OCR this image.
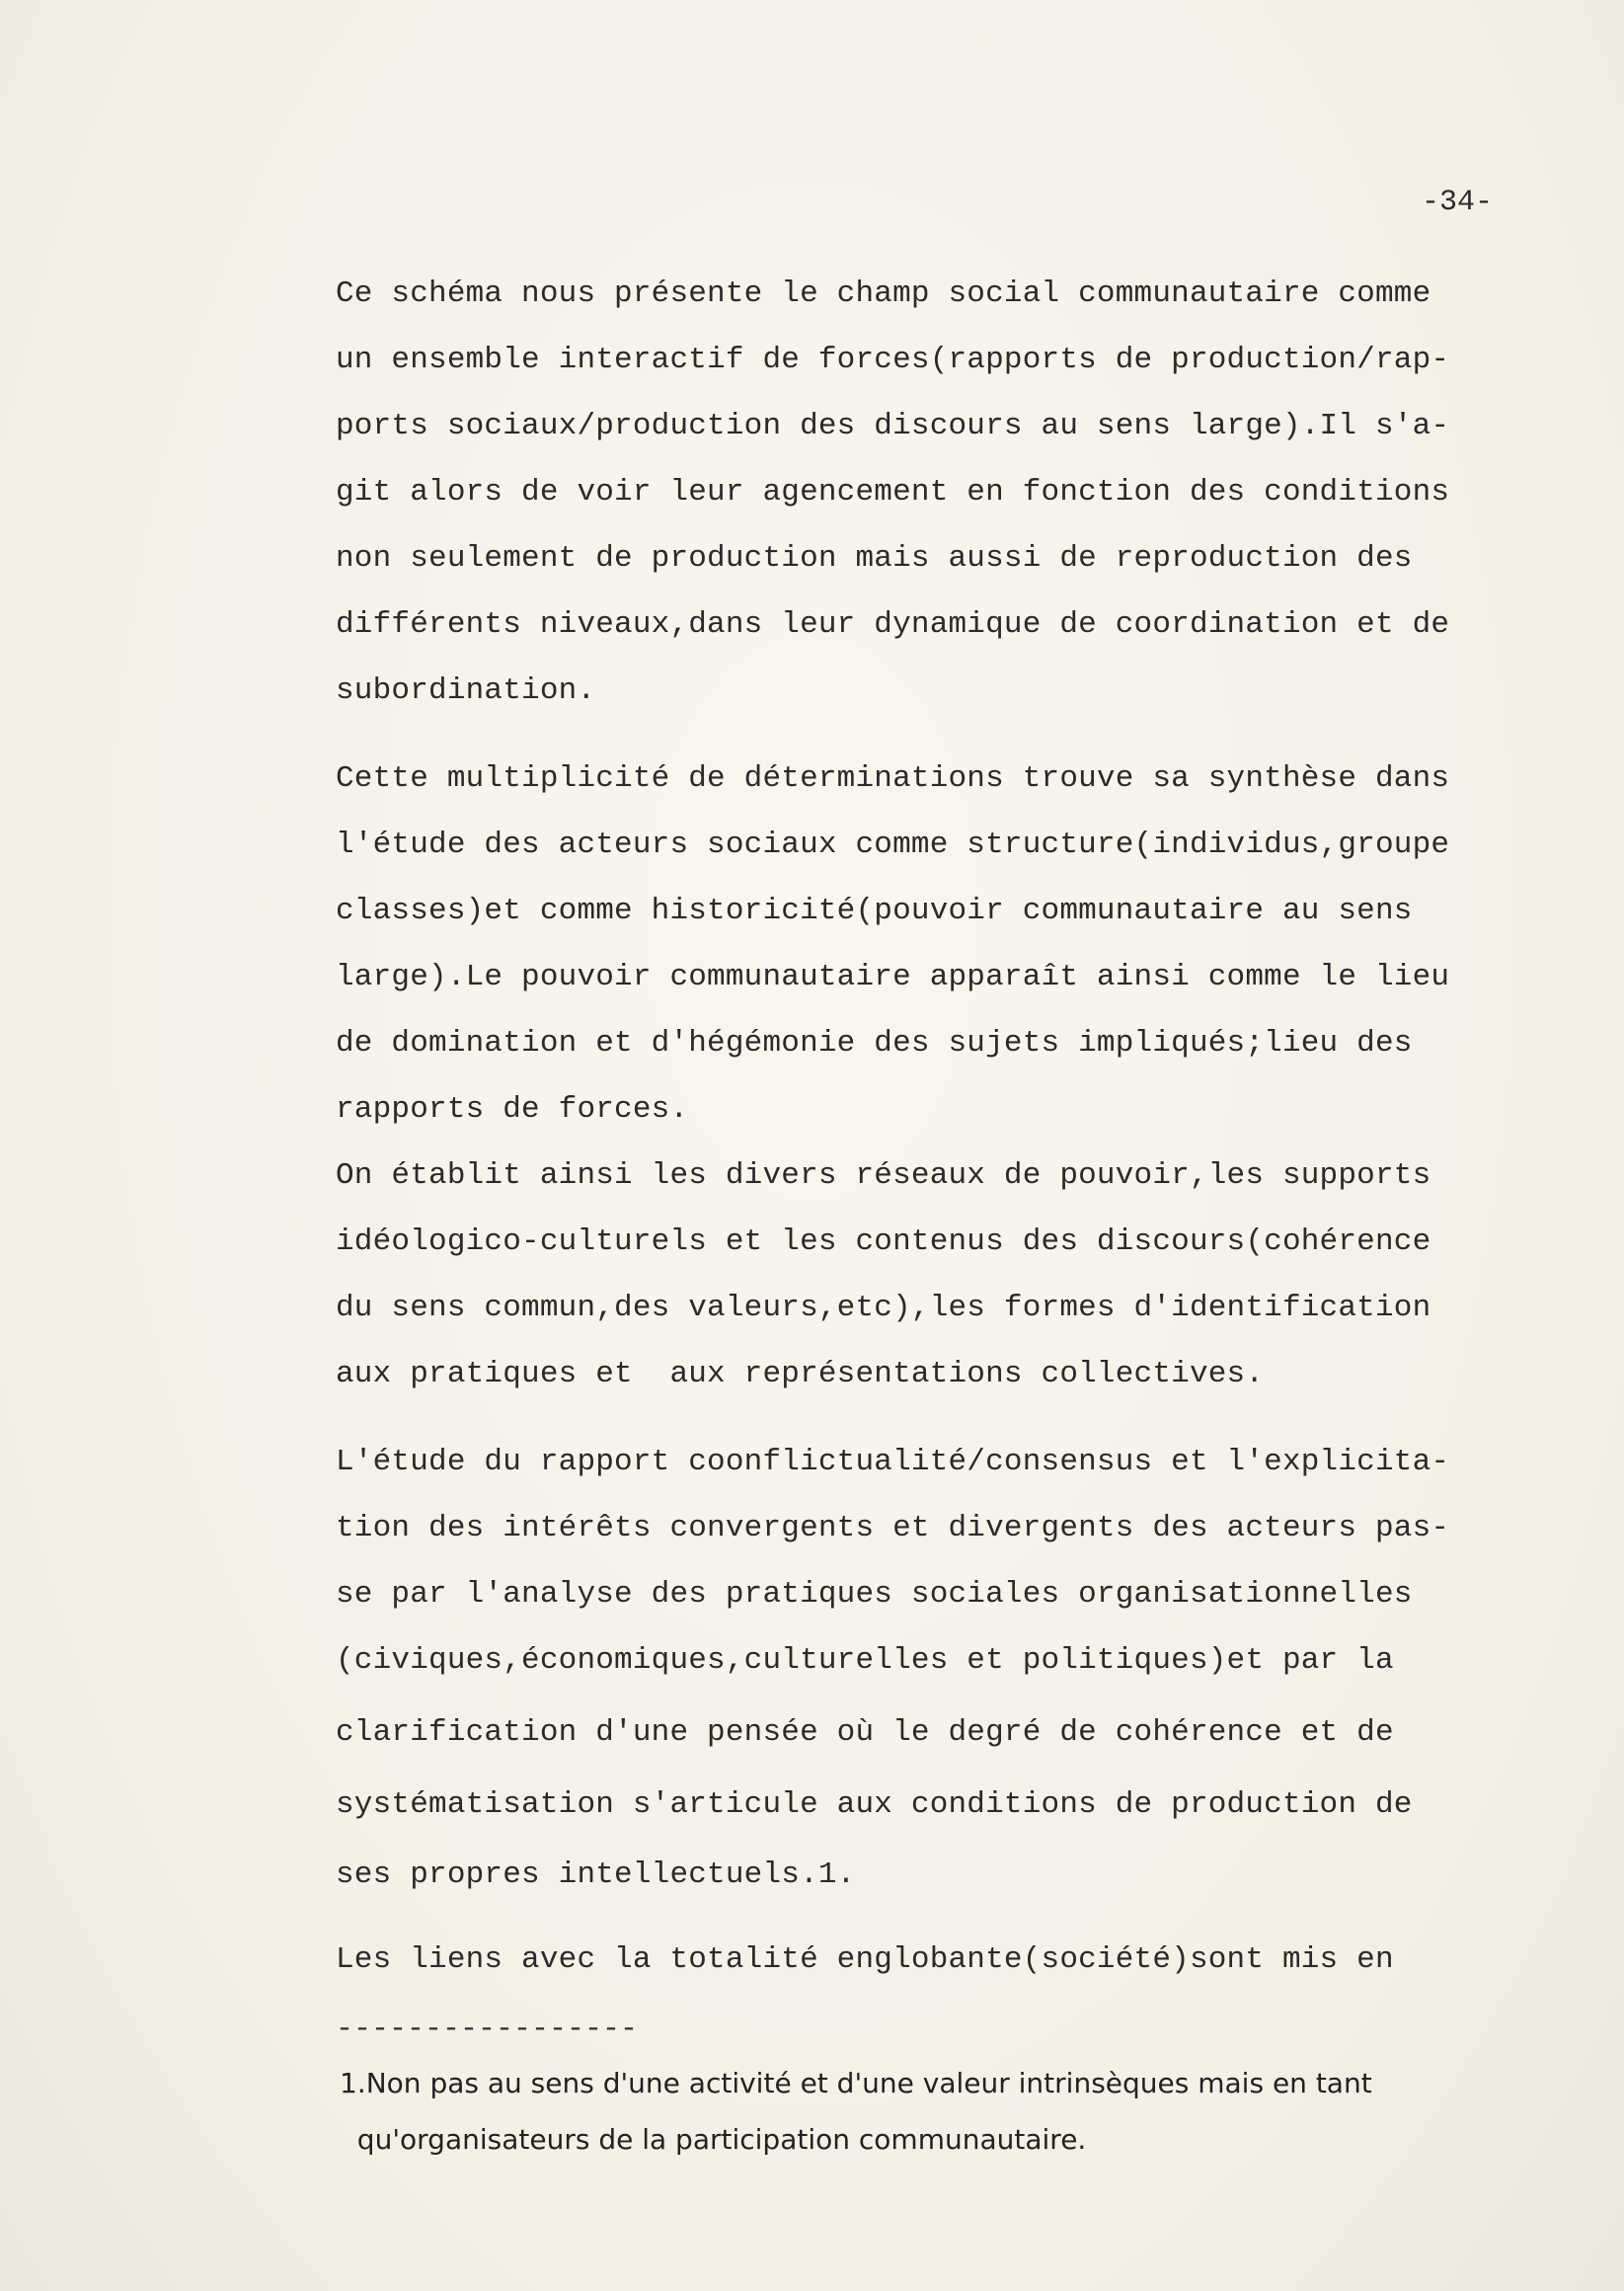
-34-
Ce schéma nous présente le champ social communautaire comme
un ensemble interactif de forces(rapports de production/rap-
ports sociaux/production des discours au sens large).Il s'a-
git alors de voir leur agencement en fonction des conditions
non seulement de production mais aussi de reproduction des
différents niveaux,dans leur dynamique de coordination et de
subordination.
Cette multiplicité de déterminations trouve sa synthèse dans
l'étude des acteurs sociaux comme structure(individus,groupe
classes)et comme historicité(pouvoir communautaire au sens
large).Le pouvoir communautaire apparaît ainsi comme le lieu
de domination et d'hégémonie des sujets impliqués;lieu des
rapports de forces.
On établit ainsi les divers réseaux de pouvoir,les supports
idéologico-culturels et les contenus des discours(cohérence
du sens commun,des valeurs,etc),les formes d'identification
aux pratiques et  aux représentations collectives.
L'étude du rapport coonflictualité/consensus et l'explicita-
tion des intérêts convergents et divergents des acteurs pas-
se par l'analyse des pratiques sociales organisationnelles
(civiques,économiques,culturelles et politiques)et par la
clarification d'une pensée où le degré de cohérence et de
systématisation s'articule aux conditions de production de
ses propres intellectuels.1.
Les liens avec la totalité englobante(société)sont mis en
-----------------
1.Non pas au sens d'une activité et d'une valeur intrinsèques mais en tant
qu'organisateurs de la participation communautaire.
